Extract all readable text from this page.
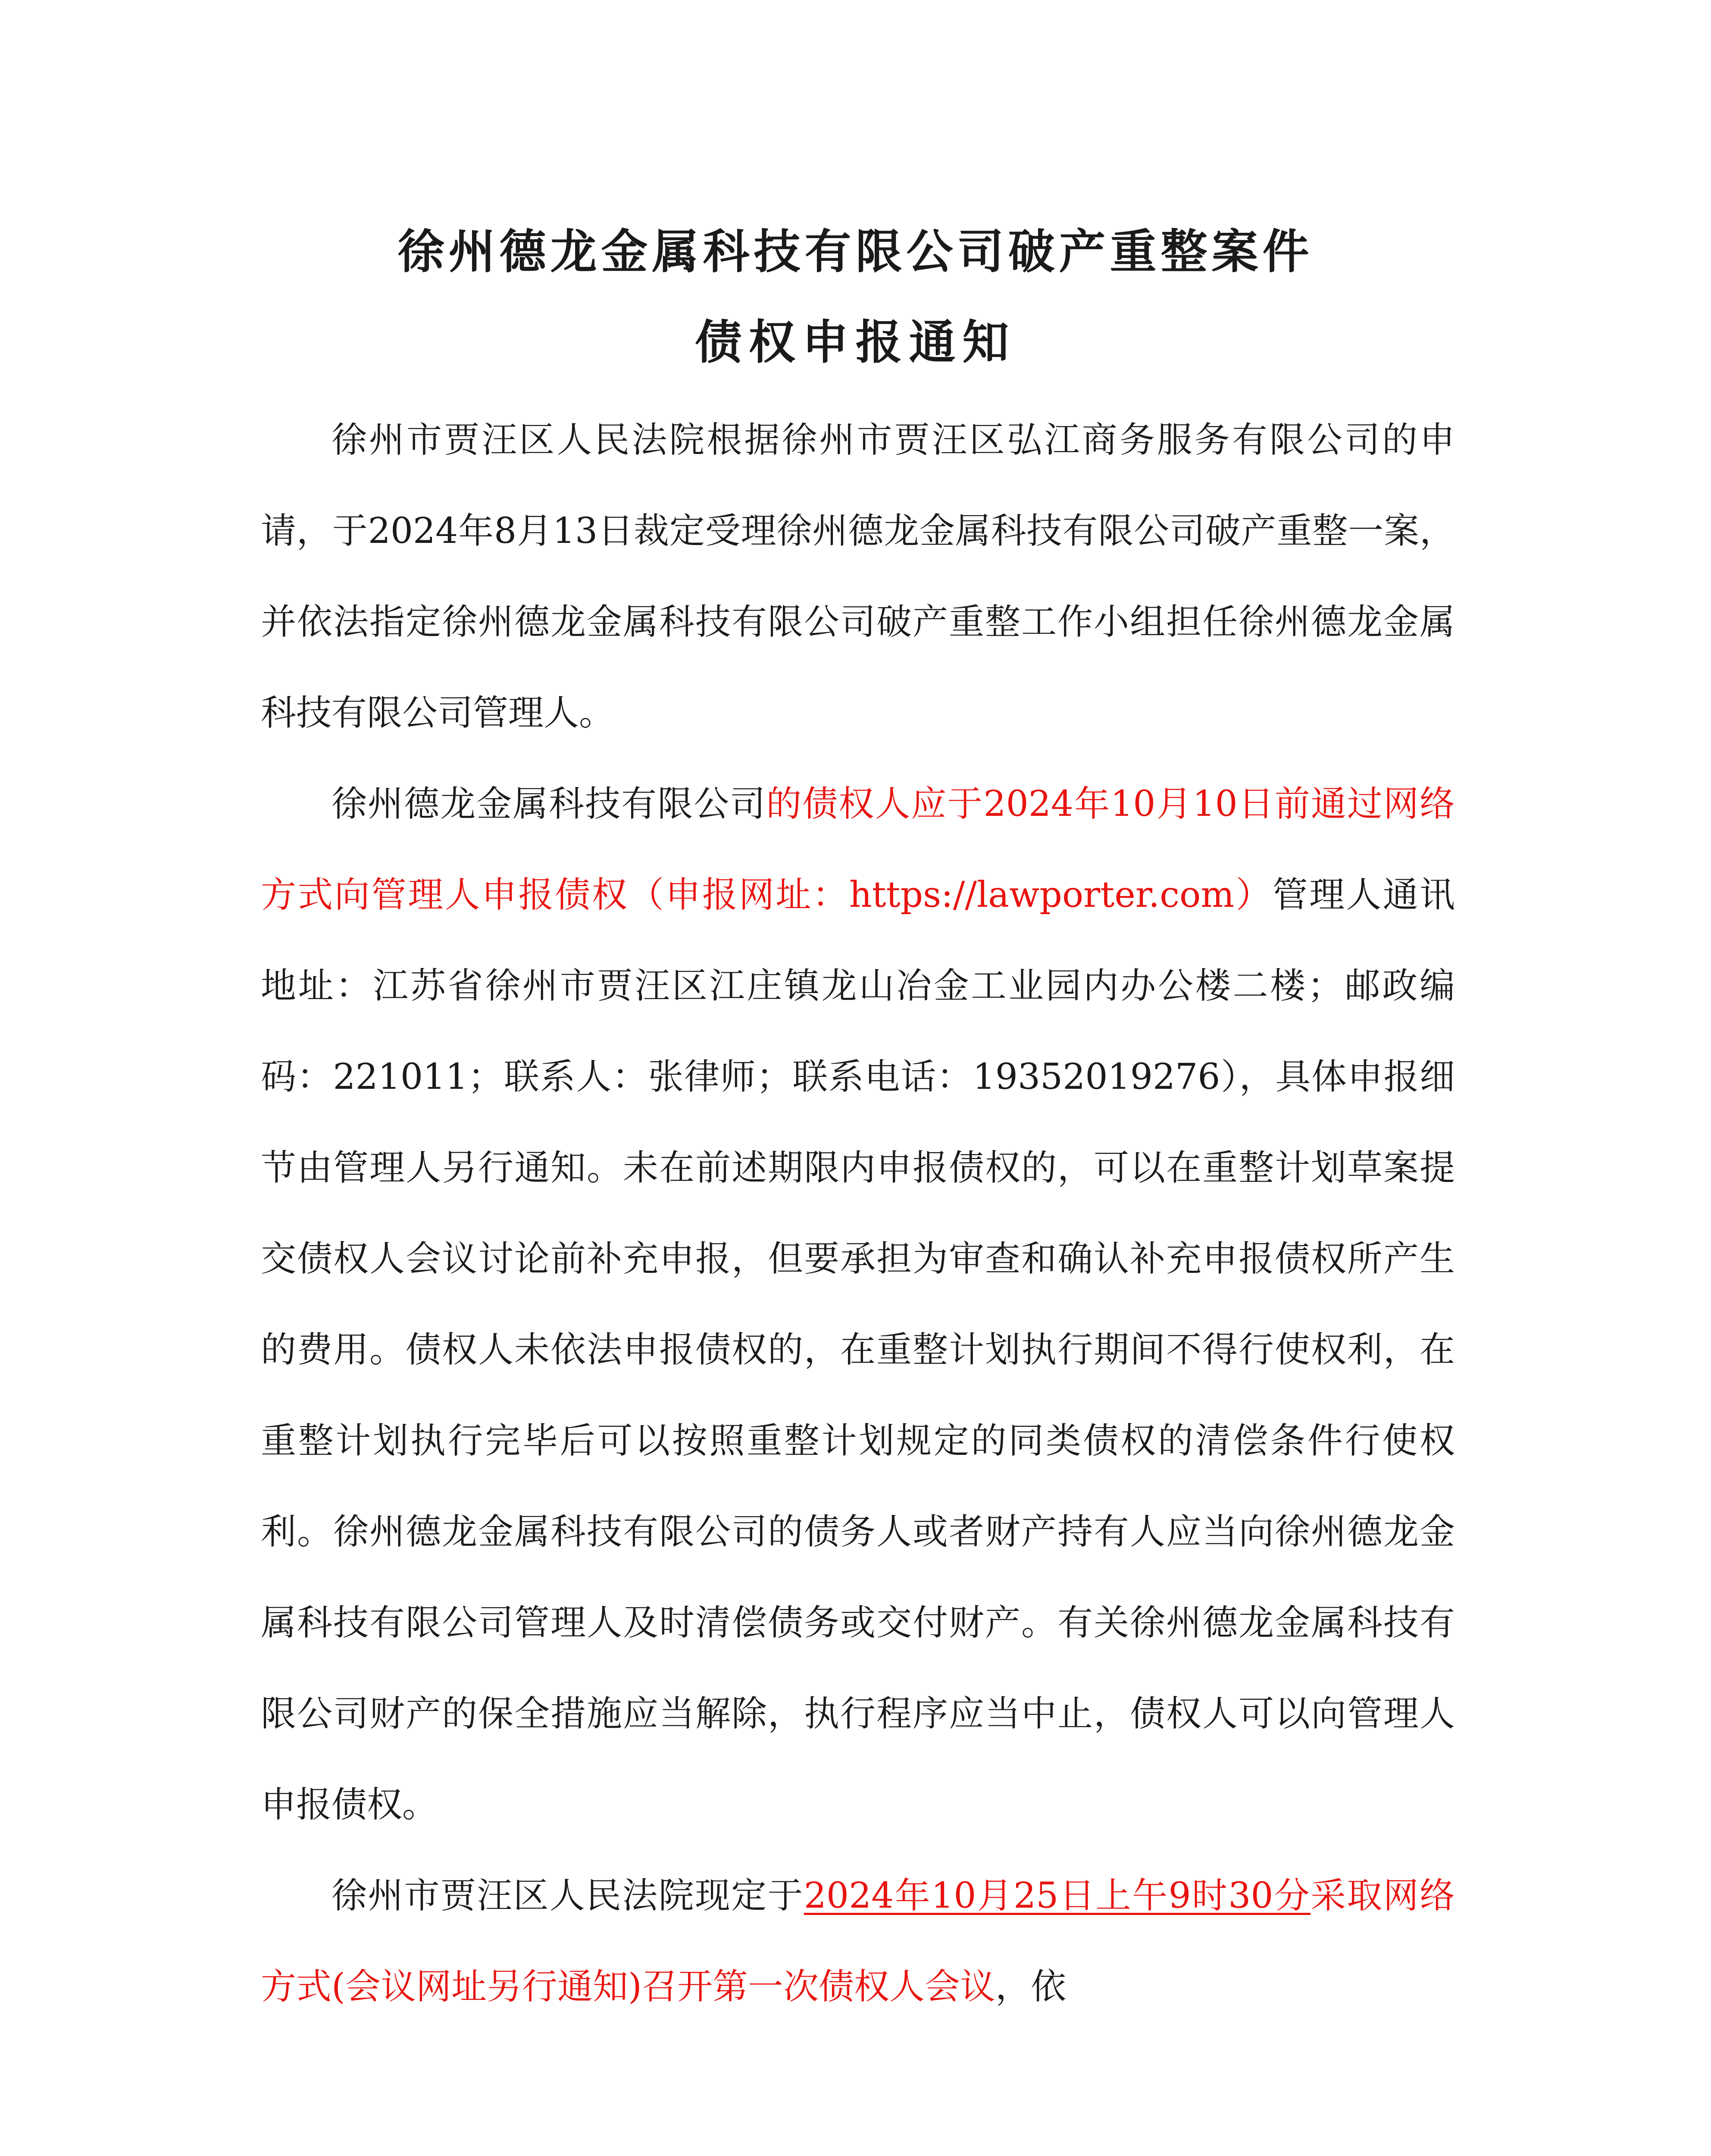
徐州德龙金属科技有限公司破产重整案件
债权申报通知

徐州市贾汪区人民法院根据徐州市贾汪区弘江商务服务有限公司的申请，于2024年8月13日裁定受理徐州德龙金属科技有限公司破产重整一案，并依法指定徐州德龙金属科技有限公司破产重整工作小组担任徐州德龙金属科技有限公司管理人。

徐州德龙金属科技有限公司的债权人应于2024年10月10日前通过网络方式向管理人申报债权（申报网址：https://lawporter.com）管理人通讯地址：江苏省徐州市贾汪区江庄镇龙山冶金工业园内办公楼二楼；邮政编码：221011；联系人：张律师；联系电话：19352019276），具体申报细节由管理人另行通知。未在前述期限内申报债权的，可以在重整计划草案提交债权人会议讨论前补充申报，但要承担为审查和确认补充申报债权所产生的费用。债权人未依法申报债权的，在重整计划执行期间不得行使权利，在重整计划执行完毕后可以按照重整计划规定的同类债权的清偿条件行使权利。徐州德龙金属科技有限公司的债务人或者财产持有人应当向徐州德龙金属科技有限公司管理人及时清偿债务或交付财产。有关徐州德龙金属科技有限公司财产的保全措施应当解除，执行程序应当中止，债权人可以向管理人申报债权。

徐州市贾汪区人民法院现定于2024年10月25日上午9时30分采取网络方式(会议网址另行通知)召开第一次债权人会议，依
